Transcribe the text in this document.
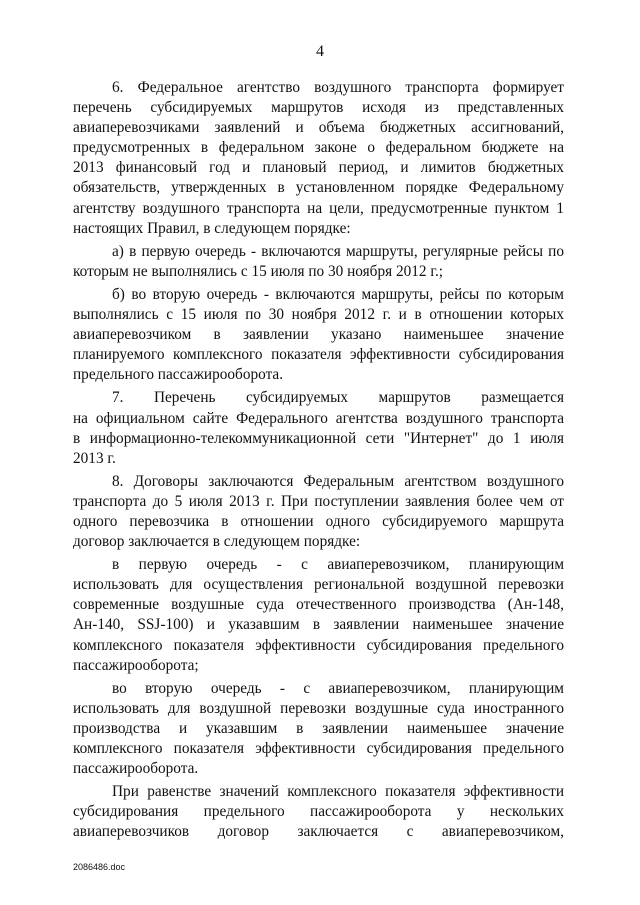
4
6. Федеральное агентство воздушного транспорта формирует
перечень субсидируемых маршрутов исходя из представленных
авиаперевозчиками заявлений и объема бюджетных ассигнований,
предусмотренных в федеральном законе о федеральном бюджете на
2013 финансовый год и плановый период, и лимитов бюджетных
обязательств, утвержденных в установленном порядке Федеральному
агентству воздушного транспорта на цели, предусмотренные пунктом 1
настоящих Правил, в следующем порядке:
а) в первую очередь - включаются маршруты, регулярные рейсы по
которым не выполнялись с 15 июля по 30 ноября 2012 г.;
б) во вторую очередь - включаются маршруты, рейсы по которым
выполнялись с 15 июля по 30 ноября 2012 г. и в отношении которых
авиаперевозчиком в заявлении указано наименьшее значение
планируемого комплексного показателя эффективности субсидирования
предельного пассажирооборота.
7. Перечень субсидируемых маршрутов размещается
на официальном сайте Федерального агентства воздушного транспорта
в информационно-телекоммуникационной сети "Интернет" до 1 июля
2013 г.
8. Договоры заключаются Федеральным агентством воздушного
транспорта до 5 июля 2013 г. При поступлении заявления более чем от
одного перевозчика в отношении одного субсидируемого маршрута
договор заключается в следующем порядке:
в первую очередь - с авиаперевозчиком, планирующим
использовать для осуществления региональной воздушной перевозки
современные воздушные суда отечественного производства (Ан-148,
Ан-140, SSJ-100) и указавшим в заявлении наименьшее значение
комплексного показателя эффективности субсидирования предельного
пассажирооборота;
во вторую очередь - с авиаперевозчиком, планирующим
использовать для воздушной перевозки воздушные суда иностранного
производства и указавшим в заявлении наименьшее значение
комплексного показателя эффективности субсидирования предельного
пассажирооборота.
При равенстве значений комплексного показателя эффективности
субсидирования предельного пассажирооборота у нескольких
авиаперевозчиков договор заключается с авиаперевозчиком,
2086486.doc
